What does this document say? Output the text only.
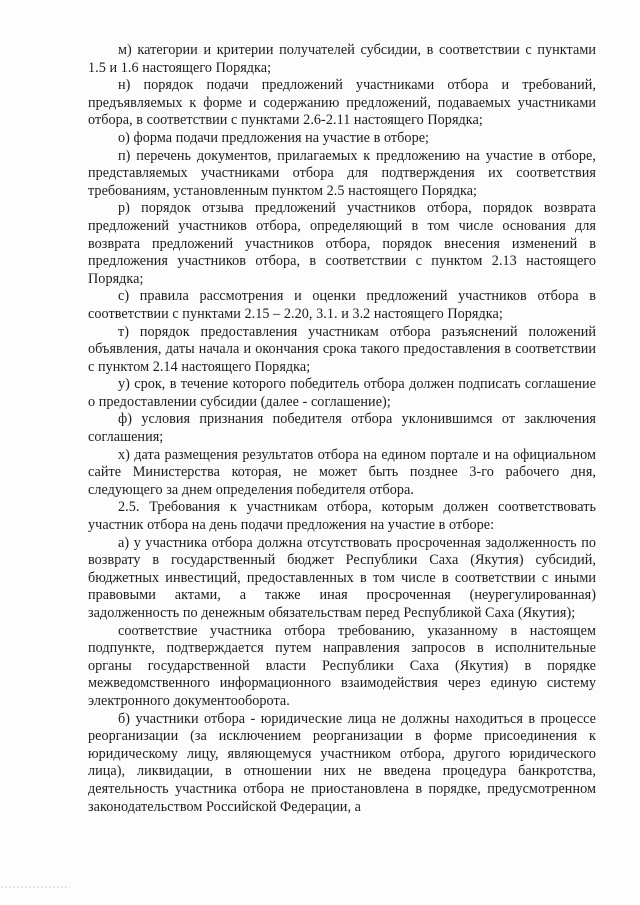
м) категории и критерии получателей субсидии, в соответствии с пунктами 1.5 и 1.6 настоящего Порядка;

н) порядок подачи предложений участниками отбора и требований, предъявляемых к форме и содержанию предложений, подаваемых участниками отбора, в соответствии с пунктами 2.6-2.11 настоящего Порядка;

о) форма подачи предложения на участие в отборе;

п) перечень документов, прилагаемых к предложению на участие в отборе, представляемых участниками отбора для подтверждения их соответствия требованиям, установленным пунктом 2.5 настоящего Порядка;

р) порядок отзыва предложений участников отбора, порядок возврата предложений участников отбора, определяющий в том числе основания для возврата предложений участников отбора, порядок внесения изменений в предложения участников отбора, в соответствии с пунктом 2.13 настоящего Порядка;

с) правила рассмотрения и оценки предложений участников отбора в соответствии с пунктами 2.15 – 2.20, 3.1. и 3.2 настоящего Порядка;

т) порядок предоставления участникам отбора разъяснений положений объявления, даты начала и окончания срока такого предоставления в соответствии с пунктом 2.14 настоящего Порядка;

у) срок, в течение которого победитель отбора должен подписать соглашение о предоставлении субсидии (далее - соглашение);

ф) условия признания победителя отбора уклонившимся от заключения соглашения;

х) дата размещения результатов отбора на едином портале и на официальном сайте Министерства которая, не может быть позднее 3-го рабочего дня, следующего за днем определения победителя отбора.

2.5. Требования к участникам отбора, которым должен соответствовать участник отбора на день подачи предложения на участие в отборе:

а) у участника отбора должна отсутствовать просроченная задолженность по возврату в государственный бюджет Республики Саха (Якутия) субсидий, бюджетных инвестиций, предоставленных в том числе в соответствии с иными правовыми актами, а также иная просроченная (неурегулированная) задолженность по денежным обязательствам перед Республикой Саха (Якутия);

соответствие участника отбора требованию, указанному в настоящем подпункте, подтверждается путем направления запросов в исполнительные органы государственной власти Республики Саха (Якутия) в порядке межведомственного информационного взаимодействия через единую систему электронного документооборота.

б) участники отбора - юридические лица не должны находиться в процессе реорганизации (за исключением реорганизации в форме присоединения к юридическому лицу, являющемуся участником отбора, другого юридического лица), ликвидации, в отношении них не введена процедура банкротства, деятельность участника отбора не приостановлена в порядке, предусмотренном законодательством Российской Федерации, а
